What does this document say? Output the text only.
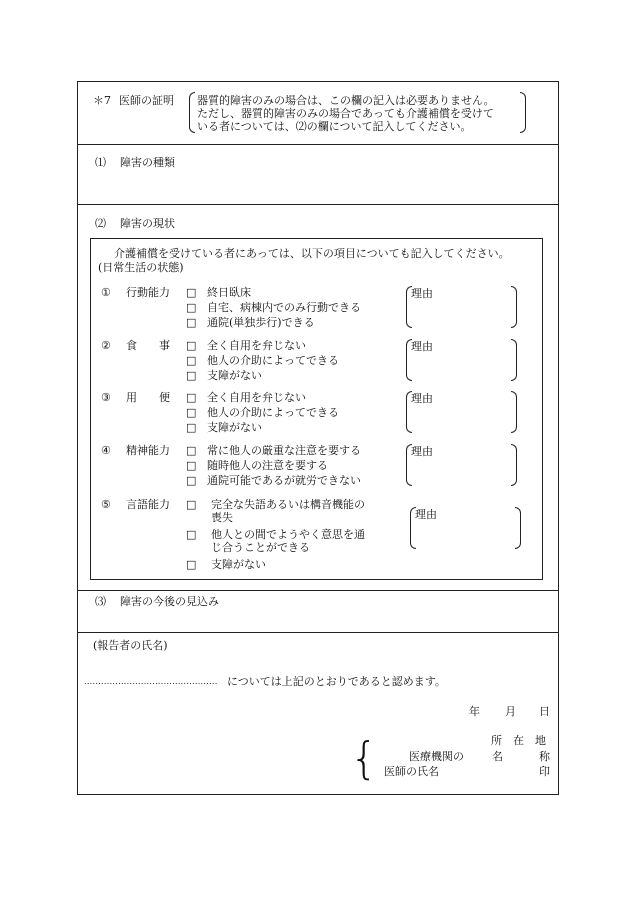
＊7 医師の証明 器質的障害のみの場合は、この欄の記入は必要ありません。
ただし、器質的障害のみの場合であっても介護補償を受けて
いる者については、⑵の欄について記入してください。
⑴ 障害の種類
⑵ 障害の現状
介護補償を受けている者にあっては、以下の項目についても記入してください。
(日常生活の状態)
① 行動能力 □ 終日臥床
□ 自宅、病棟内でのみ行動できる
□ 通院(単独歩行)できる
理由
② 食　　事 □ 全く自用を弁じない
□ 他人の介助によってできる
□ 支障がない
理由
③ 用　　便 □ 全く自用を弁じない
□ 他人の介助によってできる
□ 支障がない
理由
④ 精神能力 □ 常に他人の厳重な注意を要する
□ 随時他人の注意を要する
□ 通院可能であるが就労できない
理由
⑤ 言語能力 □ 完全な失語あるいは構音機能の
喪失
□ 他人との間でようやく意思を通
じ合うことができる
□ 支障がない
理由
⑶ 障害の今後の見込み
(報告者の氏名)
............................................... については上記のとおりであると認めます。
年 月 日
{	所　在　地
医療機関の	名	称
医師の氏名	印
